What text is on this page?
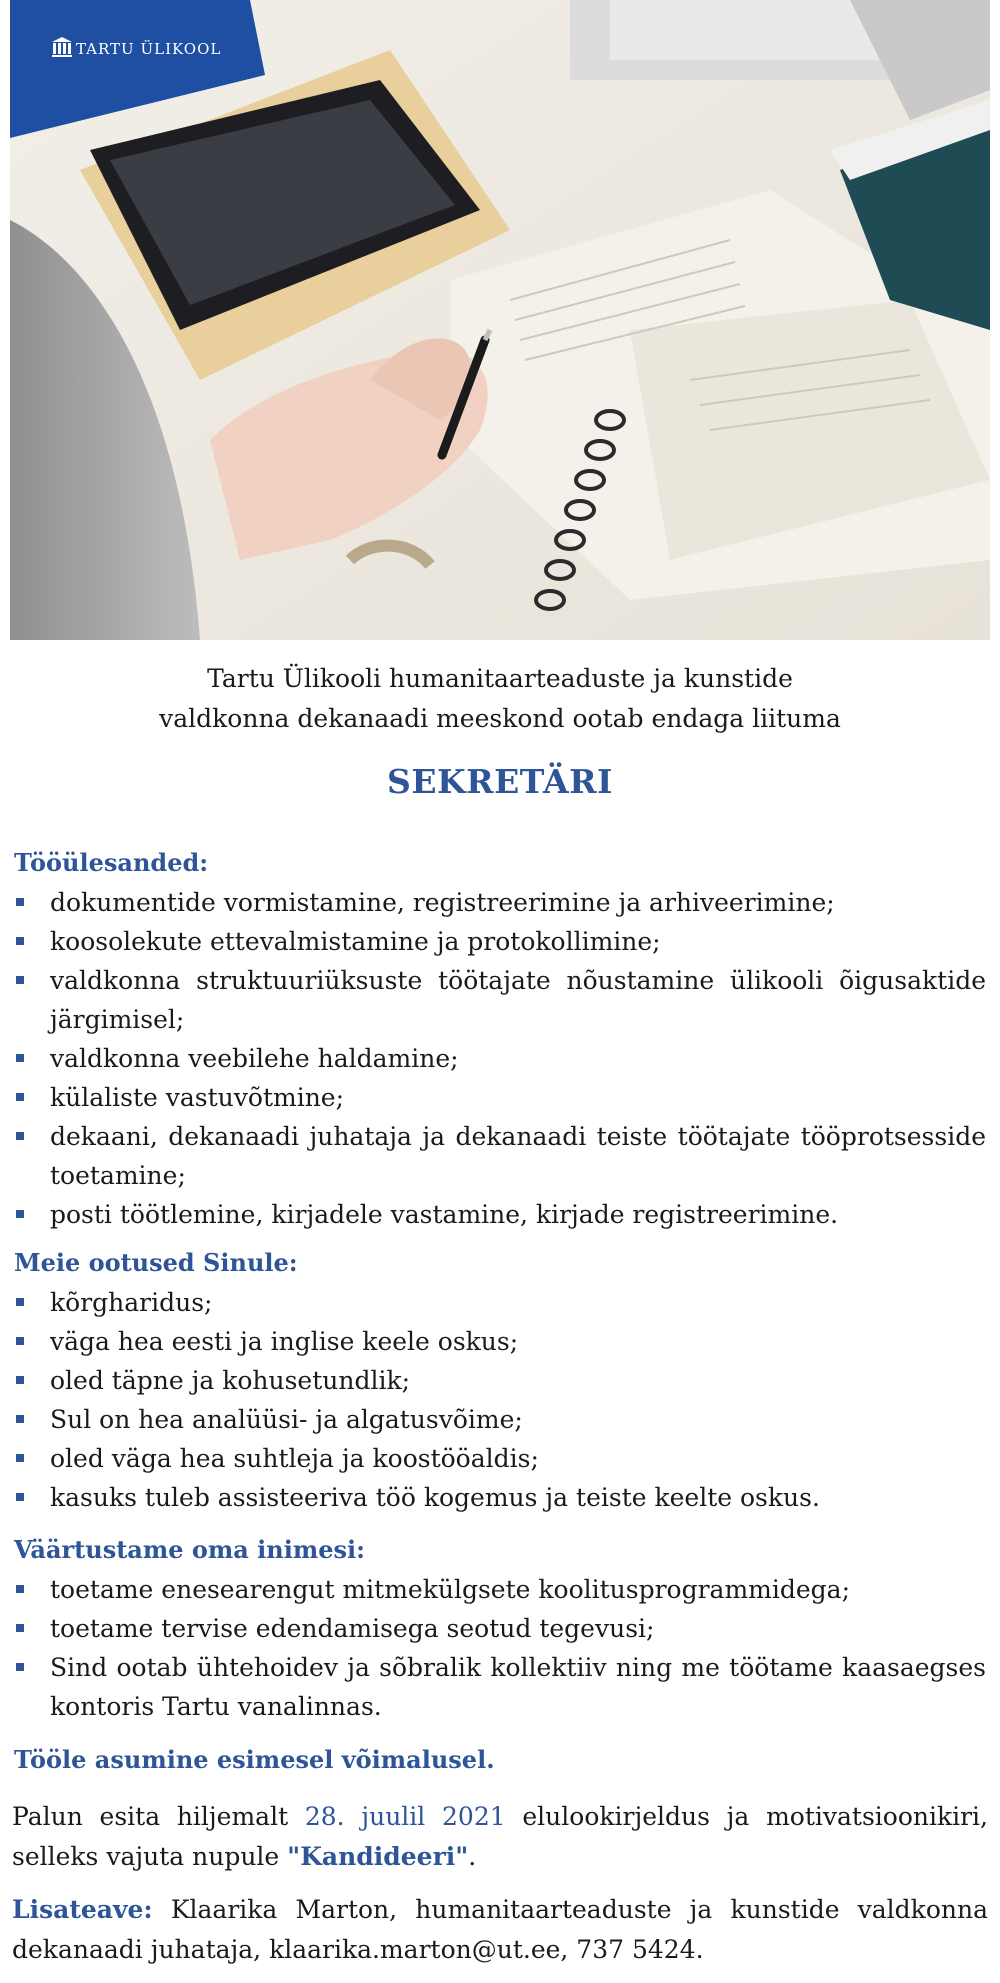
TARTU ÜLIKOOL
Tartu Ülikooli humanitaarteaduste ja kunstide
valdkonna dekanaadi meeskond ootab endaga liituma
SEKRETÄRI
Tööülesanded:
dokumentide vormistamine, registreerimine ja arhiveerimine;
koosolekute ettevalmistamine ja protokollimine;
valdkonna struktuuriüksuste töötajate nõustamine ülikooli õigusaktide järgimisel;
valdkonna veebilehe haldamine;
külaliste vastuvõtmine;
dekaani, dekanaadi juhataja ja dekanaadi teiste töötajate tööprotsesside toetamine;
posti töötlemine, kirjadele vastamine, kirjade registreerimine.
Meie ootused Sinule:
kõrgharidus;
väga hea eesti ja inglise keele oskus;
oled täpne ja kohusetundlik;
Sul on hea analüüsi- ja algatusvõime;
oled väga hea suhtleja ja koostööaldis;
kasuks tuleb assisteeriva töö kogemus ja teiste keelte oskus.
Väärtustame oma inimesi:
toetame enesearengut mitmekülgsete koolitusprogrammidega;
toetame tervise edendamisega seotud tegevusi;
Sind ootab ühtehoidev ja sõbralik kollektiiv ning me töötame kaasaegses kontoris Tartu vanalinnas.
Tööle asumine esimesel võimalusel.
Palun esita hiljemalt 28. juulil 2021 elulookirjeldus ja motivatsioonikiri, selleks vajuta nupule "Kandideeri".
Lisateave: Klaarika Marton, humanitaarteaduste ja kunstide valdkonna dekanaadi juhataja, klaarika.marton@ut.ee, 737 5424.
